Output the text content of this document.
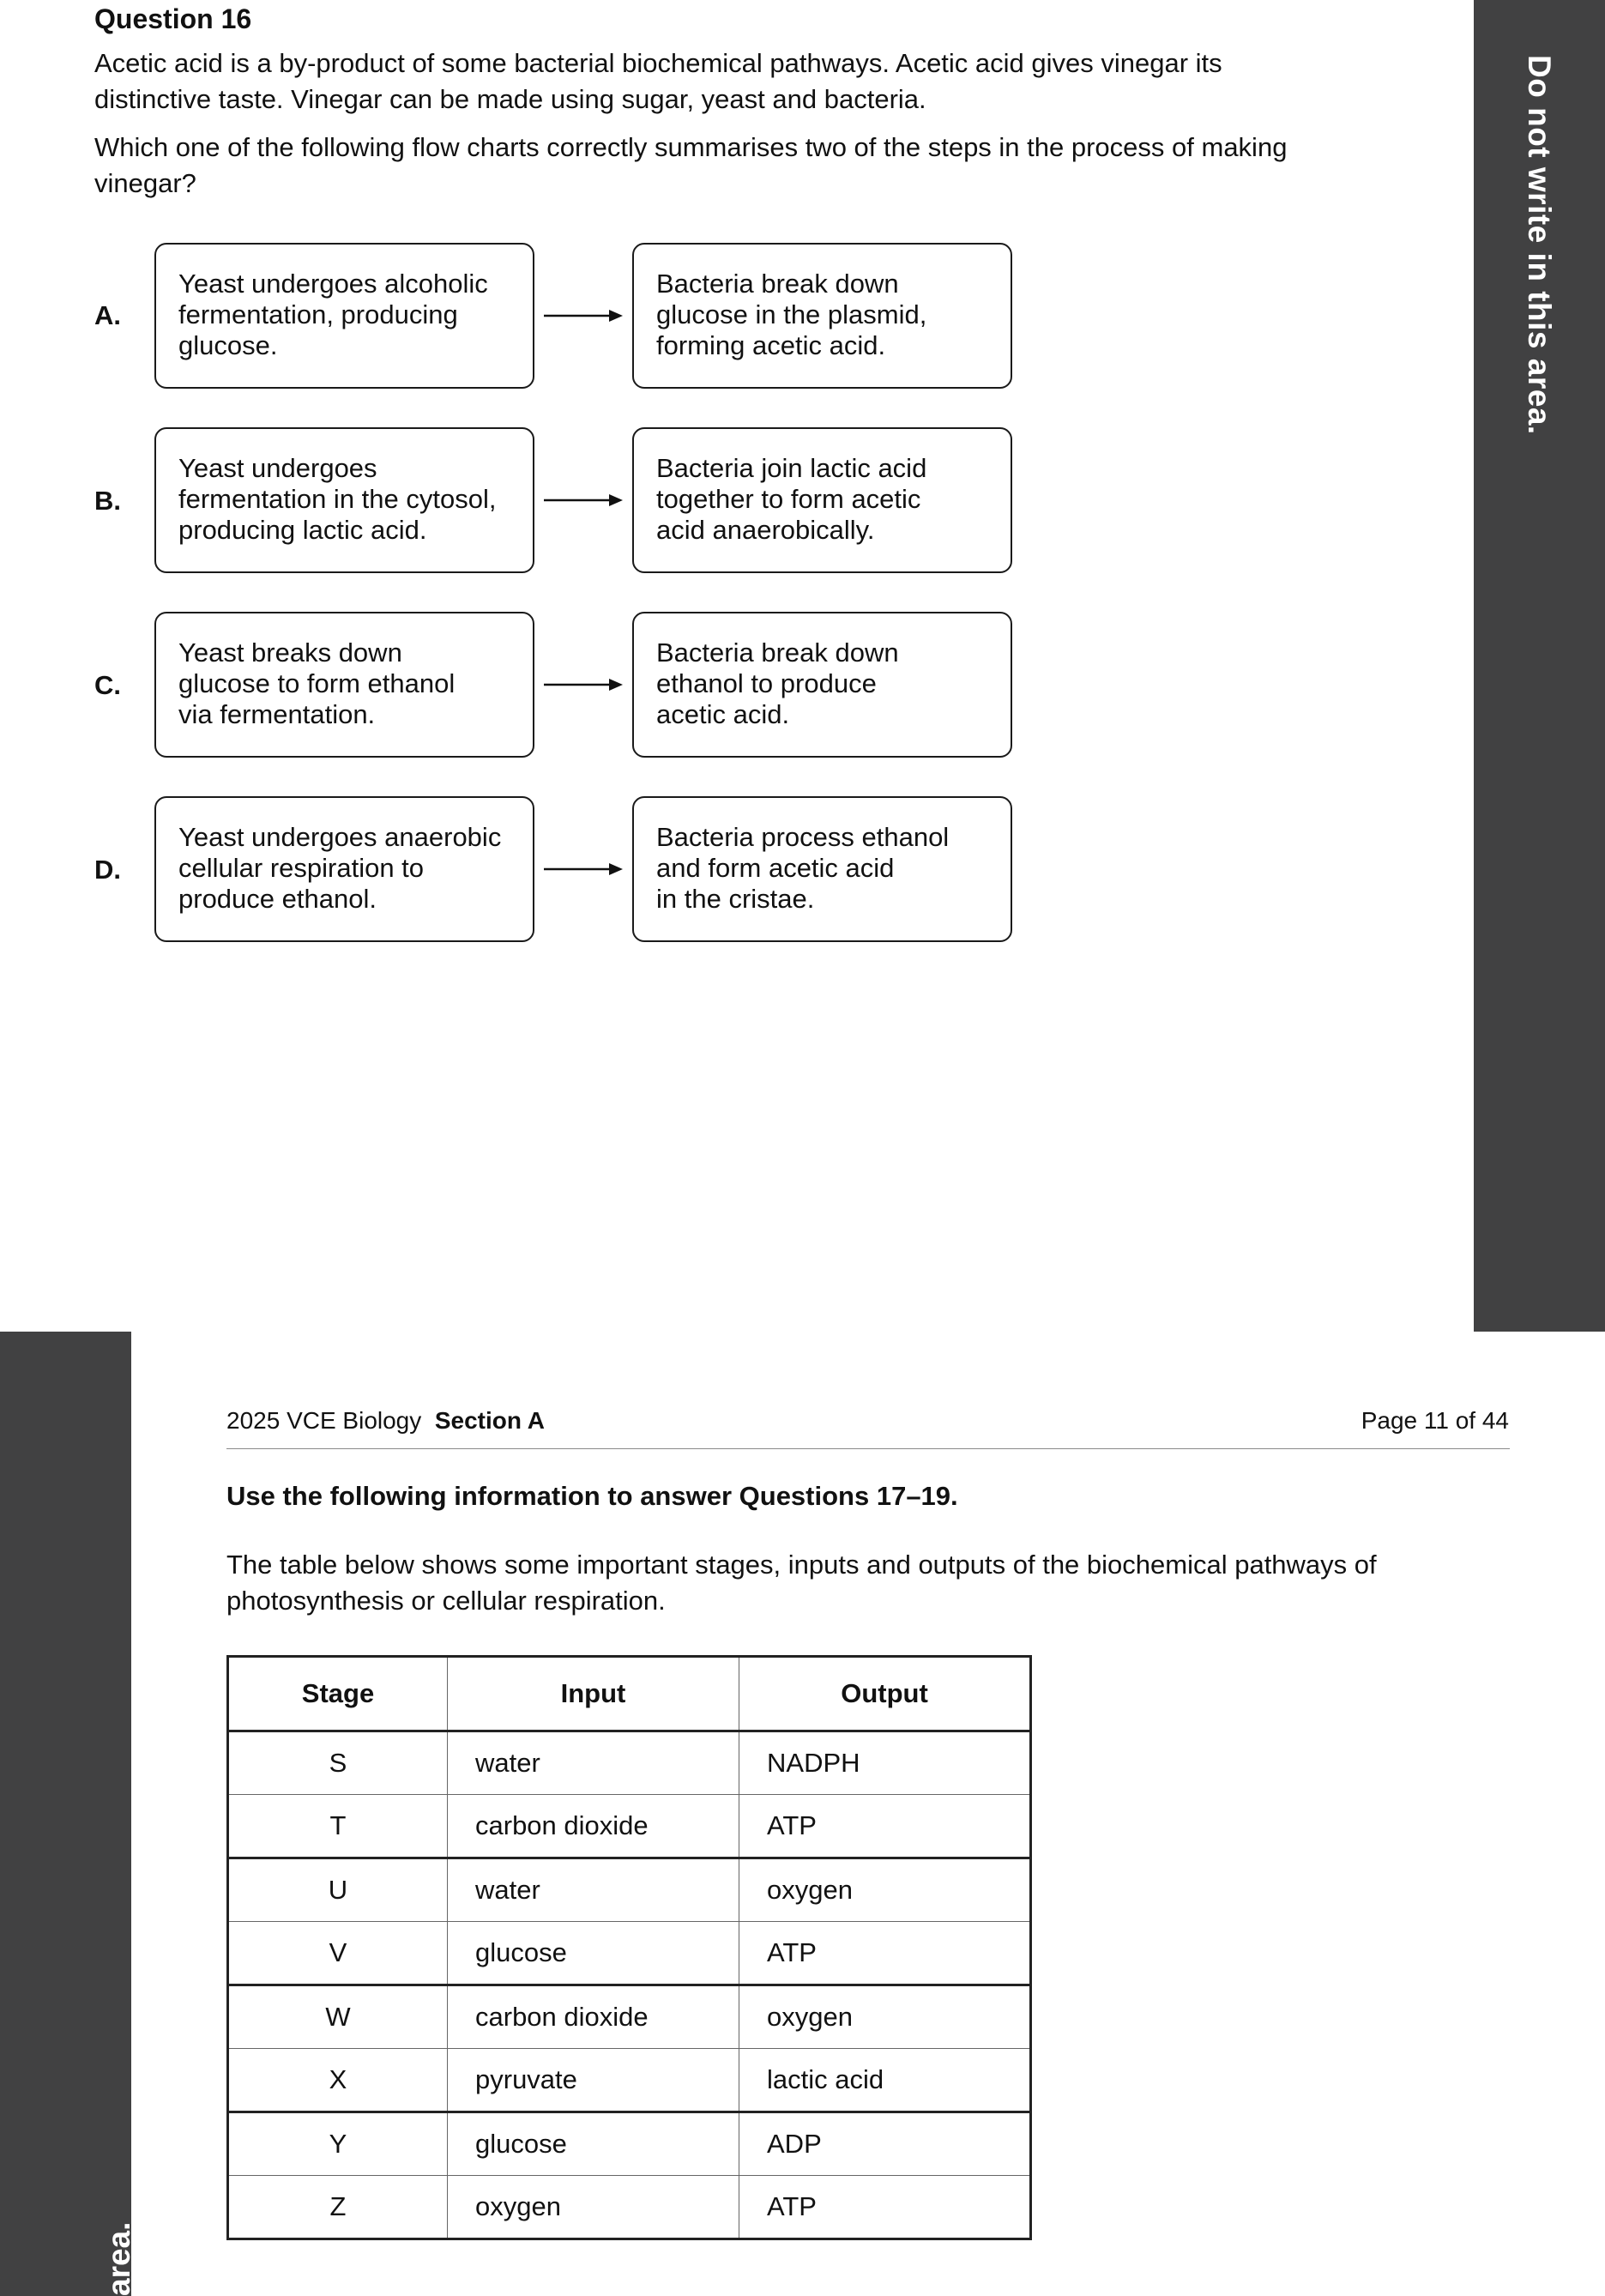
Do not write in this area.
area.
Question 16
Acetic acid is a by-product of some bacterial biochemical pathways. Acetic acid gives vinegar its distinctive taste. Vinegar can be made using sugar, yeast and bacteria.
Which one of the following flow charts correctly summarises two of the steps in the process of making vinegar?
A.
Yeast undergoes alcoholic
fermentation, producing
glucose.
Bacteria break down
glucose in the plasmid,
forming acetic acid.
B.
Yeast undergoes
fermentation in the cytosol,
producing lactic acid.
Bacteria join lactic acid
together to form acetic
acid anaerobically.
C.
Yeast breaks down
glucose to form ethanol
via fermentation.
Bacteria break down
ethanol to produce
acetic acid.
D.
Yeast undergoes anaerobic
cellular respiration to
produce ethanol.
Bacteria process ethanol
and form acetic acid
in the cristae.
2025 VCE Biology Section A	Page 11 of 44
Use the following information to answer Questions 17–19.
The table below shows some important stages, inputs and outputs of the biochemical pathways of photosynthesis or cellular respiration.
Stage	Input	Output
S	water	NADPH
T	carbon dioxide	ATP
U	water	oxygen
V	glucose	ATP
W	carbon dioxide	oxygen
X	pyruvate	lactic acid
Y	glucose	ADP
Z	oxygen	ATP
